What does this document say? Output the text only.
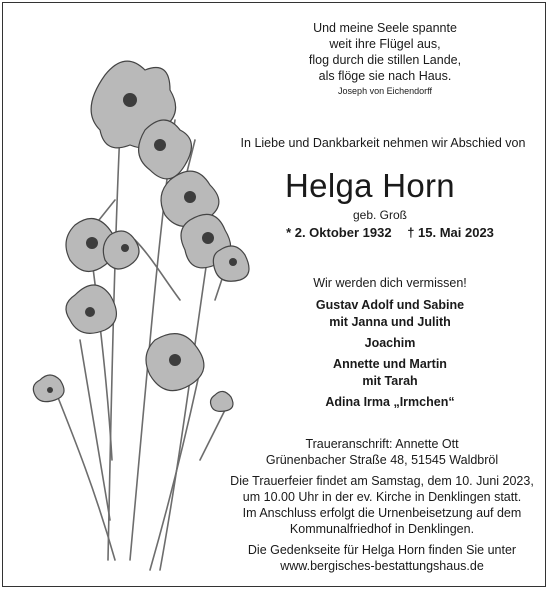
Und meine Seele spannte
weit ihre Flügel aus,
flog durch die stillen Lande,
als flöge sie nach Haus.
Joseph von Eichendorff
In Liebe und Dankbarkeit nehmen wir Abschied von
Helga Horn
geb. Groß
* 2. Oktober 1932 † 15. Mai 2023
Wir werden dich vermissen!
Gustav Adolf und Sabine
mit Janna und Julith
Joachim
Annette und Martin
mit Tarah
Adina Irma „Irmchen“
Traueranschrift: Annette Ott
Grünenbacher Straße 48, 51545 Waldbröl
Die Trauerfeier findet am Samstag, dem 10. Juni 2023,
um 10.00 Uhr in der ev. Kirche in Denklingen statt.
Im Anschluss erfolgt die Urnenbeisetzung auf dem
Kommunalfriedhof in Denklingen.
Die Gedenkseite für Helga Horn finden Sie unter
www.bergisches-bestattungshaus.de
